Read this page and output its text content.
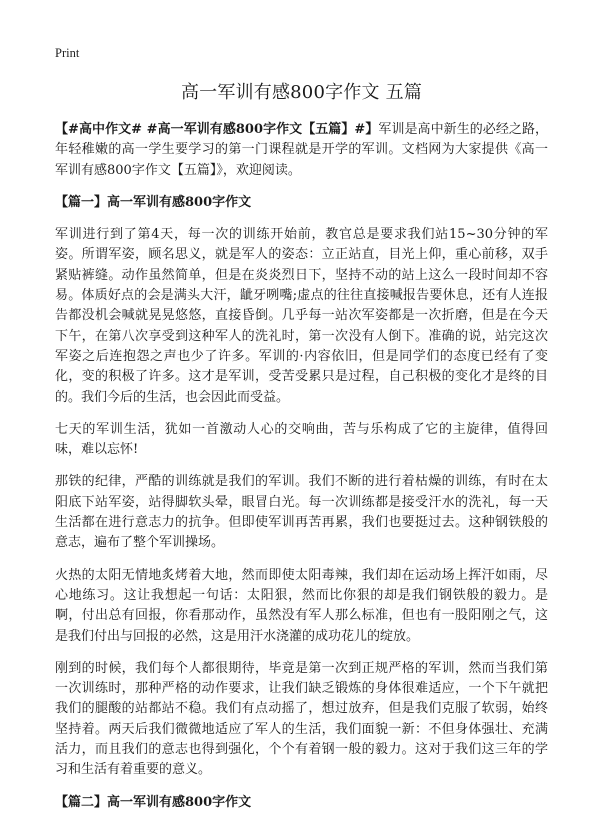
Print
高一军训有感800字作文 五篇

【#高中作文# #高一军训有感800字作文【五篇】#】军训是高中新生的必经之路，年轻稚嫩的高一学生要学习的第一门课程就是开学的军训。文档网为大家提供《高一军训有感800字作文【五篇】》，欢迎阅读。

【篇一】高一军训有感800字作文

军训进行到了第4天，每一次的训练开始前，教官总是要求我们站15~30分钟的军姿。所谓军姿，顾名思义，就是军人的姿态：立正站直，目光上仰，重心前移，双手紧贴裤缝。动作虽然简单，但是在炎炎烈日下，坚持不动的站上这么一段时间却不容易。体质好点的会是满头大汗，龇牙咧嘴;虚点的往往直接喊报告要休息，还有人连报告都没机会喊就晃晃悠悠，直接昏倒。几乎每一站次军姿都是一次折磨，但是在今天下午，在第八次享受到这种军人的洗礼时，第一次没有人倒下。准确的说，站完这次军姿之后连抱怨之声也少了许多。军训的·内容依旧，但是同学们的态度已经有了变化，变的积极了许多。这才是军训，受苦受累只是过程，自己积极的变化才是终的目的。我们今后的生活，也会因此而受益。

七天的军训生活，犹如一首激动人心的交响曲，苦与乐构成了它的主旋律，值得回味，难以忘怀!

那铁的纪律，严酷的训练就是我们的军训。我们不断的进行着枯燥的训练，有时在太阳底下站军姿，站得脚软头晕，眼冒白光。每一次训练都是接受汗水的洗礼，每一天生活都在进行意志力的抗争。但即使军训再苦再累，我们也要挺过去。这种钢铁般的意志，遍布了整个军训操场。

火热的太阳无情地炙烤着大地，然而即使太阳毒辣，我们却在运动场上挥汗如雨，尽心地练习。这让我想起一句话：太阳狠，然而比你狠的却是我们钢铁般的毅力。是啊，付出总有回报，你看那动作，虽然没有军人那么标准，但也有一股阳刚之气，这是我们付出与回报的必然，这是用汗水浇灌的成功花儿的绽放。

刚到的时候，我们每个人都很期待，毕竟是第一次到正规严格的军训，然而当我们第一次训练时，那种严格的动作要求，让我们缺乏锻炼的身体很难适应，一个下午就把我们的腿酸的站都站不稳。我们有点动摇了，想过放弃，但是我们克服了软弱，始终坚持着。两天后我们微微地适应了军人的生活，我们面貌一新：不但身体强壮、充满活力，而且我们的意志也得到强化，个个有着钢一般的毅力。这对于我们这三年的学习和生活有着重要的意义。

【篇二】高一军训有感800字作文
